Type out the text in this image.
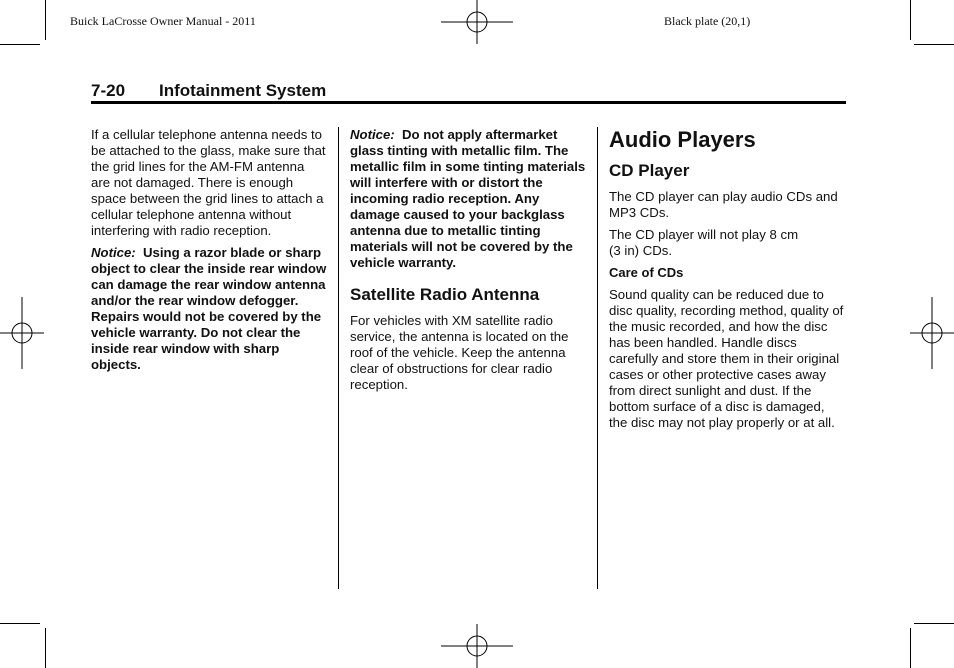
Buick LaCrosse Owner Manual - 2011	Black plate (20,1)
7-20 Infotainment System

If a cellular telephone antenna needs to be attached to the glass, make sure that the grid lines for the AM-FM antenna are not damaged. There is enough space between the grid lines to attach a cellular telephone antenna without interfering with radio reception.

Notice: Using a razor blade or sharp object to clear the inside rear window can damage the rear window antenna and/or the rear window defogger. Repairs would not be covered by the vehicle warranty. Do not clear the inside rear window with sharp objects.

Notice: Do not apply aftermarket glass tinting with metallic film. The metallic film in some tinting materials will interfere with or distort the incoming radio reception. Any damage caused to your backglass antenna due to metallic tinting materials will not be covered by the vehicle warranty.

Satellite Radio Antenna

For vehicles with XM satellite radio service, the antenna is located on the roof of the vehicle. Keep the antenna clear of obstructions for clear radio reception.

Audio Players
CD Player

The CD player can play audio CDs and MP3 CDs.

The CD player will not play 8 cm (3 in) CDs.

Care of CDs

Sound quality can be reduced due to disc quality, recording method, quality of the music recorded, and how the disc has been handled. Handle discs carefully and store them in their original cases or other protective cases away from direct sunlight and dust. If the bottom surface of a disc is damaged, the disc may not play properly or at all.
